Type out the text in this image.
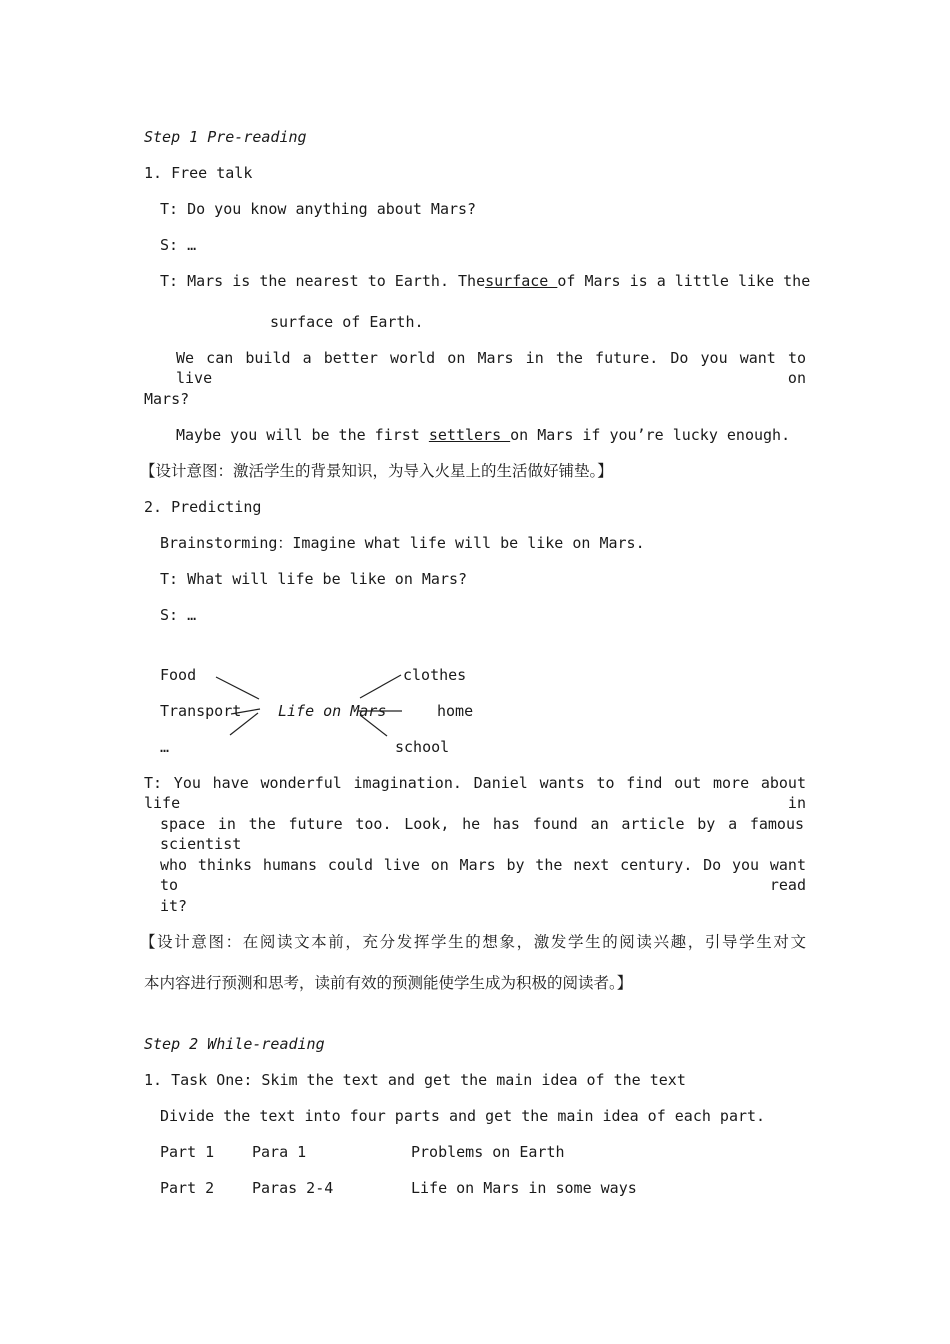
Step 1 Pre-reading
1. Free talk
T: Do you know anything about Mars?
S: …
T: Mars is the nearest to Earth. The surface of Mars is a little like the
surface of Earth.
We can build a better world on Mars in the future. Do you want to live on
Mars?
Maybe you will be the first settlers on Mars if you’re lucky enough.
【设计意图：激活学生的背景知识，为导入火星上的生活做好铺垫。】
2. Predicting
Brainstorming：Imagine what life will be like on Mars.
T: What will life be like on Mars?
S: …
Food
Transport
…
Life on Mars
clothes
home
school
T: You have wonderful imagination. Daniel wants to find out more about life in
space in the future too. Look, he has found an article by a famous scientist
who thinks humans could live on Mars by the next century. Do you want to read
it?
【设计意图：在阅读文本前，充分发挥学生的想象，激发学生的阅读兴趣，引导学生对文
本内容进行预测和思考，读前有效的预测能使学生成为积极的阅读者。】
Step 2 While-reading
1. Task One: Skim the text and get the main idea of the text
Divide the text into four parts and get the main idea of each part.
Part 1	Para 1	Problems on Earth
Part 2	Paras 2-4	Life on Mars in some ways
